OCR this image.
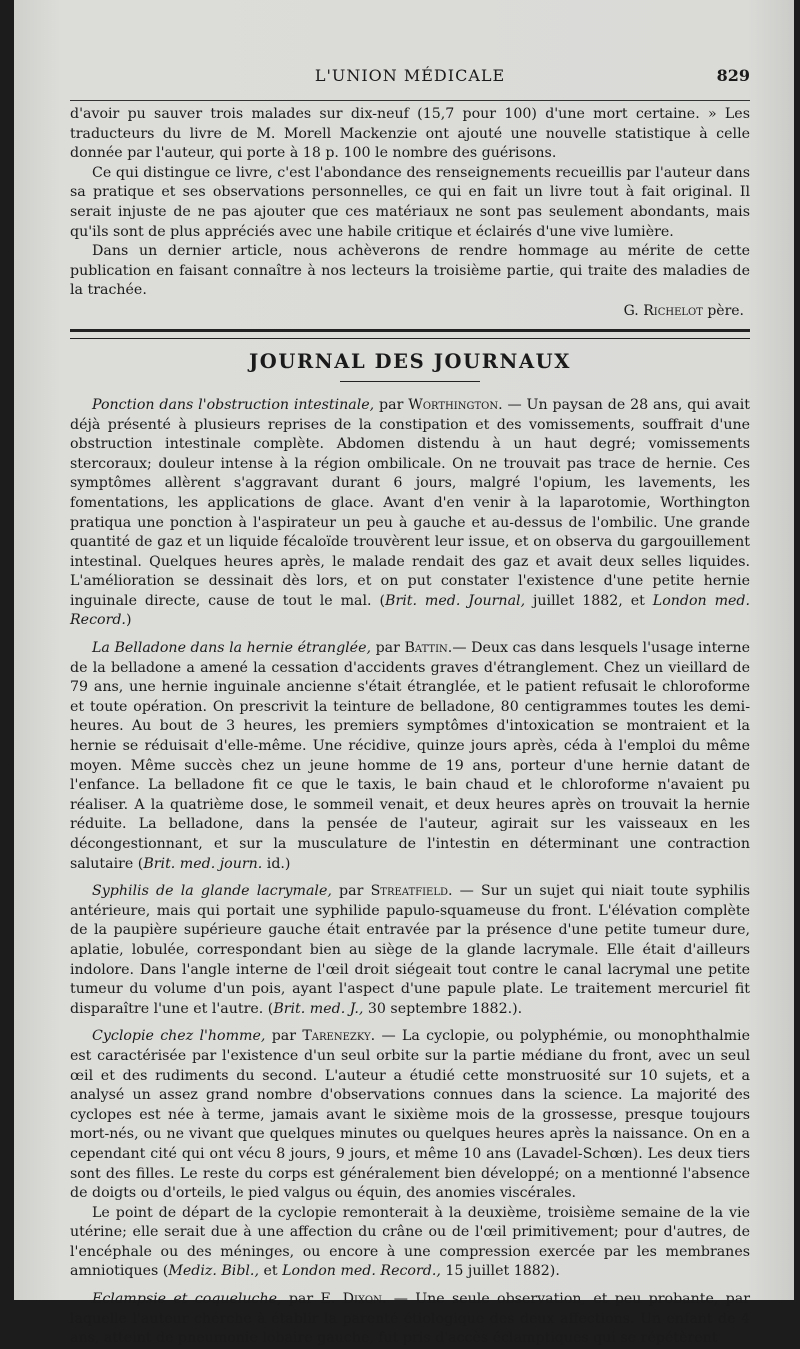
L'UNION MÉDICALE	829

d'avoir pu sauver trois malades sur dix-neuf (15,7 pour 100) d'une mort certaine. » Les traducteurs du livre de M. Morell Mackenzie ont ajouté une nouvelle statistique à celle donnée par l'auteur, qui porte à 18 p. 100 le nombre des guérisons.

Ce qui distingue ce livre, c'est l'abondance des renseignements recueillis par l'auteur dans sa pratique et ses observations personnelles, ce qui en fait un livre tout à fait original. Il serait injuste de ne pas ajouter que ces matériaux ne sont pas seulement abondants, mais qu'ils sont de plus appréciés avec une habile critique et éclairés d'une vive lumière.

Dans un dernier article, nous achèverons de rendre hommage au mérite de cette publication en faisant connaître à nos lecteurs la troisième partie, qui traite des maladies de la trachée.

G. Richelot père.
JOURNAL DES JOURNAUX

Ponction dans l'obstruction intestinale, par Worthington. — Un paysan de 28 ans, qui avait déjà présenté à plusieurs reprises de la constipation et des vomissements, souffrait d'une obstruction intestinale complète. Abdomen distendu à un haut degré; vomissements stercoraux; douleur intense à la région ombilicale. On ne trouvait pas trace de hernie. Ces symptômes allèrent s'aggravant durant 6 jours, malgré l'opium, les lavements, les fomentations, les applications de glace. Avant d'en venir à la laparotomie, Worthington pratiqua une ponction à l'aspirateur un peu à gauche et au-dessus de l'ombilic. Une grande quantité de gaz et un liquide fécaloïde trouvèrent leur issue, et on observa du gargouillement intestinal. Quelques heures après, le malade rendait des gaz et avait deux selles liquides. L'amélioration se dessinait dès lors, et on put constater l'existence d'une petite hernie inguinale directe, cause de tout le mal. (Brit. med. Journal, juillet 1882, et London med. Record.)

La Belladone dans la hernie étranglée, par Battin.— Deux cas dans lesquels l'usage interne de la belladone a amené la cessation d'accidents graves d'étranglement. Chez un vieillard de 79 ans, une hernie inguinale ancienne s'était étranglée, et le patient refusait le chloroforme et toute opération. On prescrivit la teinture de belladone, 80 centigrammes toutes les demi-heures. Au bout de 3 heures, les premiers symptômes d'intoxication se montraient et la hernie se réduisait d'elle-même. Une récidive, quinze jours après, céda à l'emploi du même moyen. Même succès chez un jeune homme de 19 ans, porteur d'une hernie datant de l'enfance. La belladone fit ce que le taxis, le bain chaud et le chloroforme n'avaient pu réaliser. A la quatrième dose, le sommeil venait, et deux heures après on trouvait la hernie réduite. La belladone, dans la pensée de l'auteur, agirait sur les vaisseaux en les décongestionnant, et sur la musculature de l'intestin en déterminant une contraction salutaire (Brit. med. journ. id.)

Syphilis de la glande lacrymale, par Streatfield. — Sur un sujet qui niait toute syphilis antérieure, mais qui portait une syphilide papulo-squameuse du front. L'élévation complète de la paupière supérieure gauche était entravée par la présence d'une petite tumeur dure, aplatie, lobulée, correspondant bien au siège de la glande lacrymale. Elle était d'ailleurs indolore. Dans l'angle interne de l'œil droit siégeait tout contre le canal lacrymal une petite tumeur du volume d'un pois, ayant l'aspect d'une papule plate. Le traitement mercuriel fit disparaître l'une et l'autre. (Brit. med. J., 30 septembre 1882.).

Cyclopie chez l'homme, par Tarenezky. — La cyclopie, ou polyphémie, ou monophthalmie est caractérisée par l'existence d'un seul orbite sur la partie médiane du front, avec un seul œil et des rudiments du second. L'auteur a étudié cette monstruosité sur 10 sujets, et a analysé un assez grand nombre d'observations connues dans la science. La majorité des cyclopes est née à terme, jamais avant le sixième mois de la grossesse, presque toujours mort-nés, ou ne vivant que quelques minutes ou quelques heures après la naissance. On en a cependant cité qui ont vécu 8 jours, 9 jours, et même 10 ans (Lavadel-Schœn). Les deux tiers sont des filles. Le reste du corps est généralement bien développé; on a mentionné l'absence de doigts ou d'orteils, le pied valgus ou équin, des anomies viscérales.

Le point de départ de la cyclopie remonterait à la deuxième, troisième semaine de la vie utérine; elle serait due à une affection du crâne ou de l'œil primitivement; pour d'autres, de l'encéphale ou des méninges, ou encore à une compression exercée par les membranes amniotiques (Mediz. Bibl., et London med. Record., 15 juillet 1882).

Eclampsie et coqueluche, par E. Dixon. — Une seule observation, et peu probante, par laquelle l'auteur cherche à établir la parenté étiologique des deux affections. Un enfant de 4 ans, atteint de pneumonie lobaire gauche, fut pris d'accès éclamptiques qui se répétèrent
